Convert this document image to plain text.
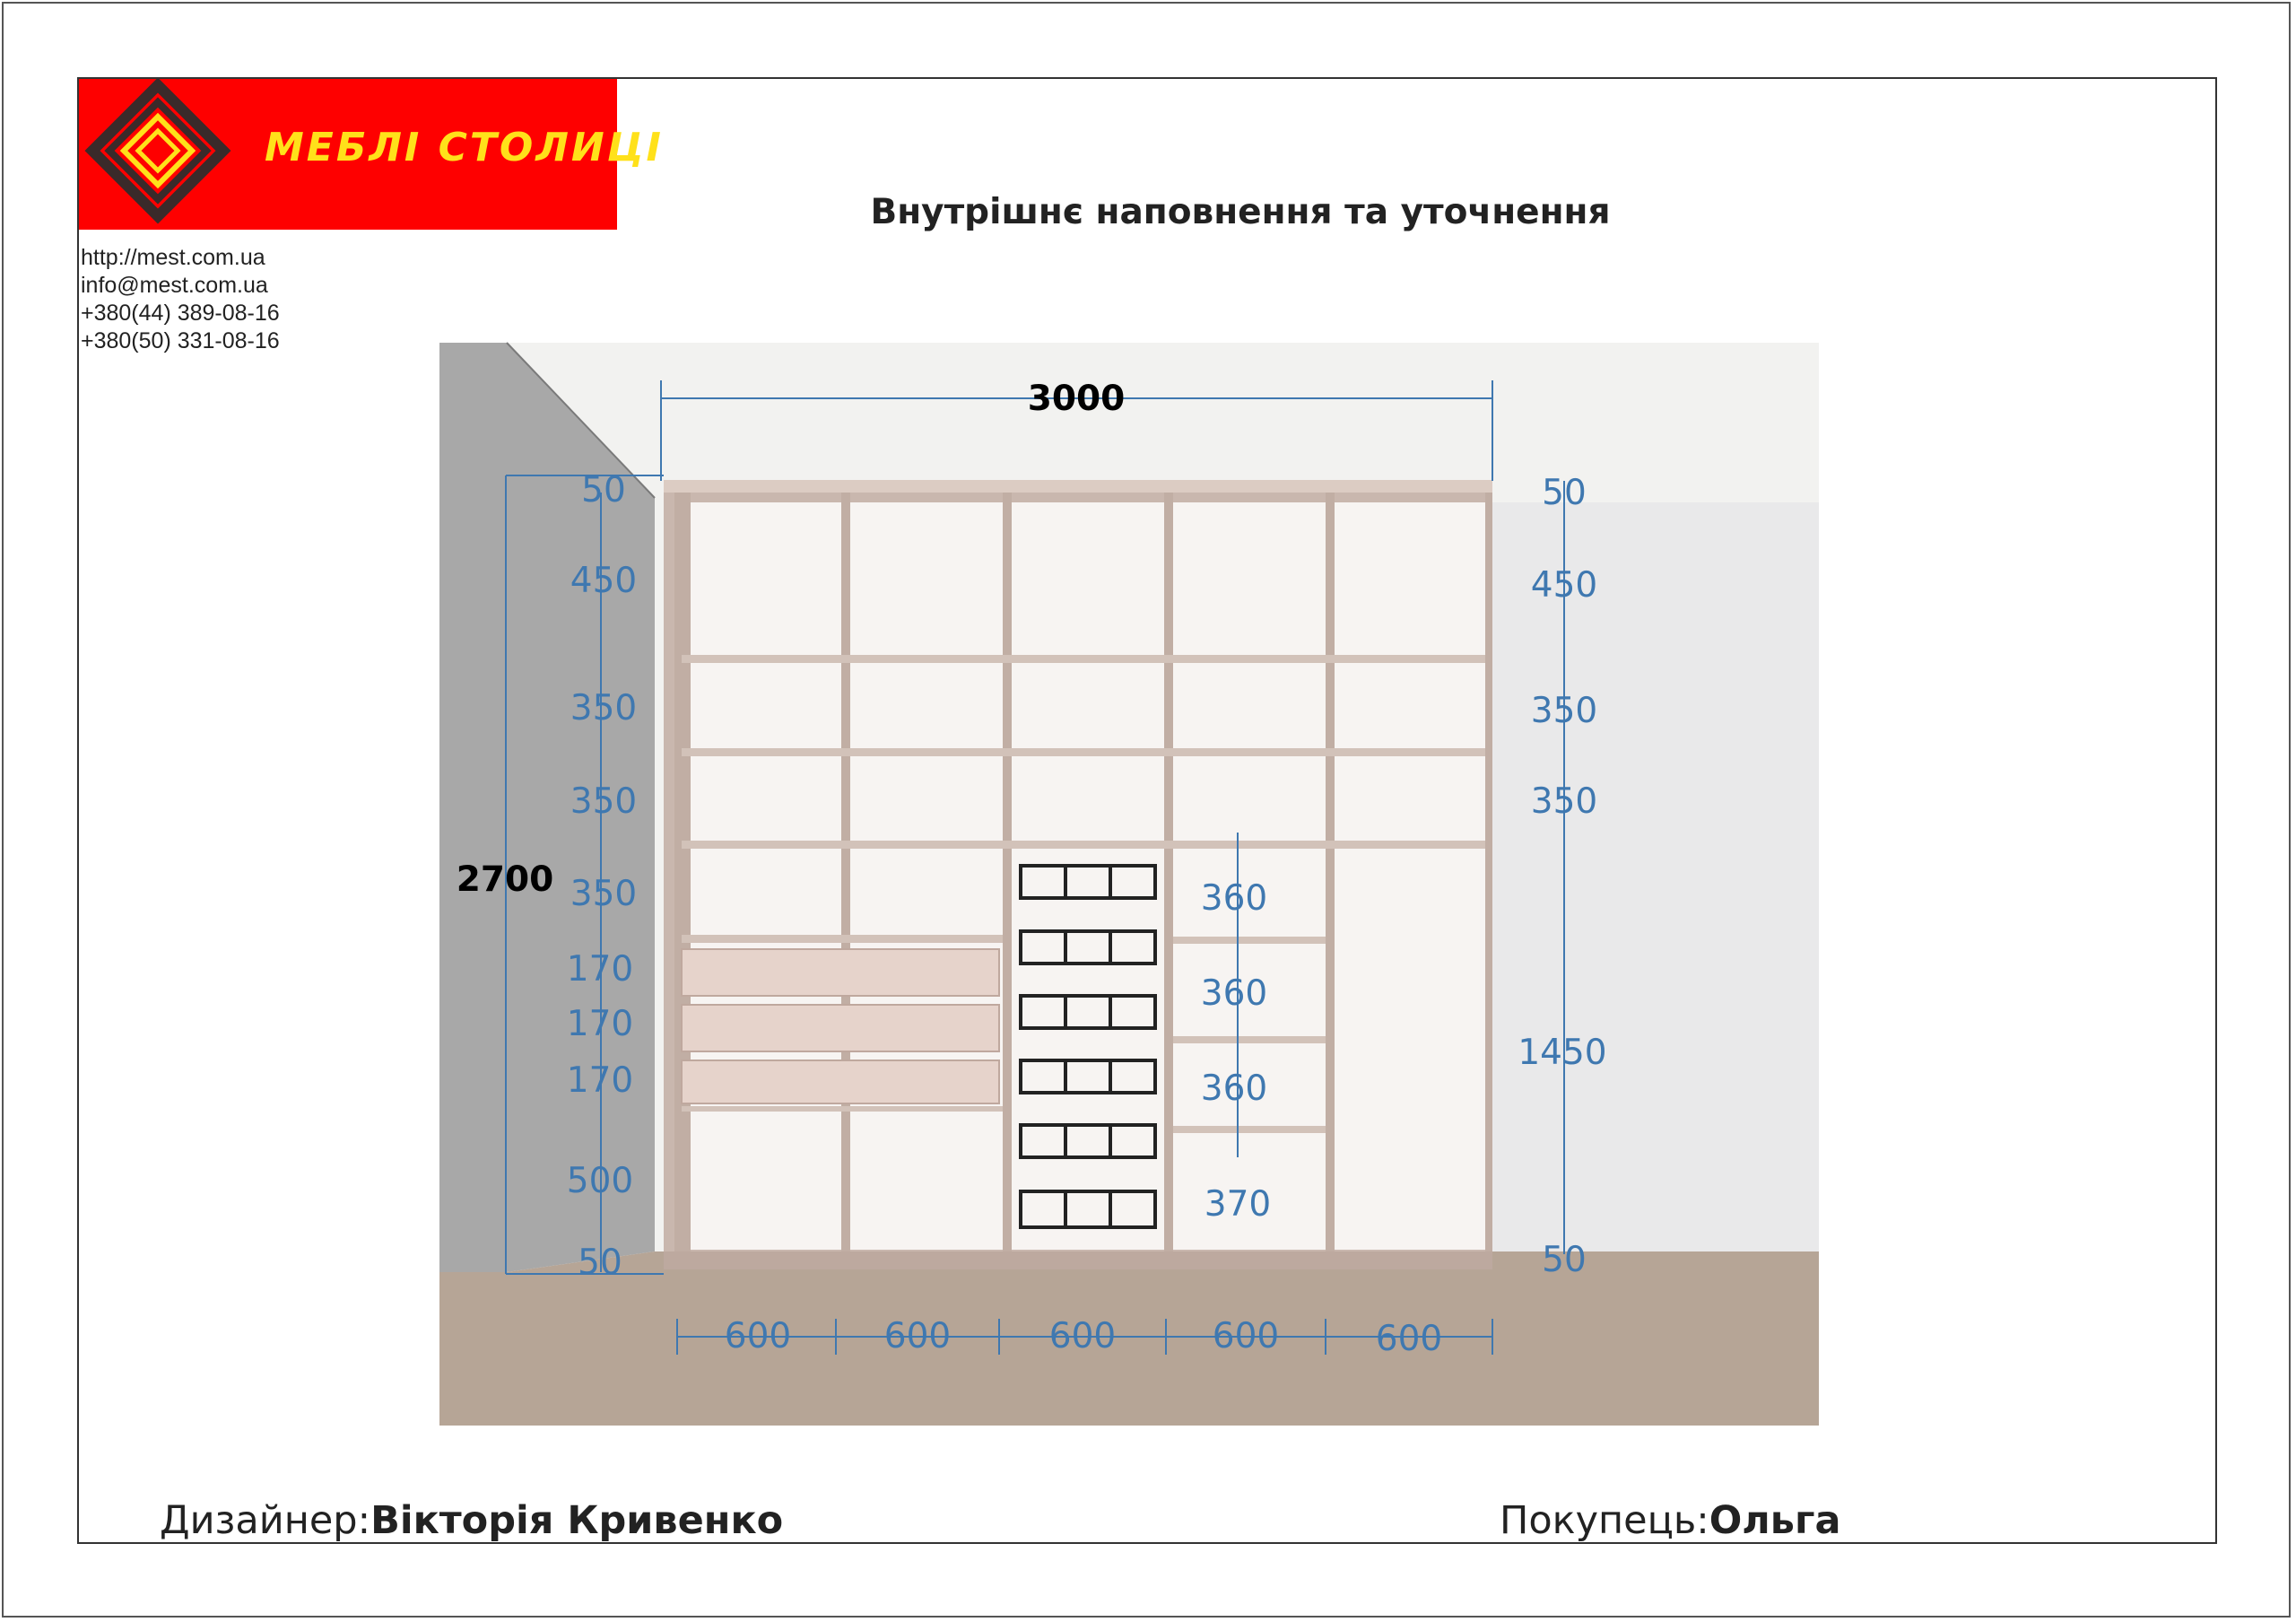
МЕБЛІ СТОЛИЦІ
http://mest.com.ua
info@mest.com.ua
+380(44) 389-08-16
+380(50) 331-08-16
Внутрішнє наповнення та уточнення
3000
2700
50
450
350
350
350
170
170
170
500
50
50
450
350
350
1450
50
360
360
360
370
600	600	600	600	600
Дизайнер:Вікторія Кривенко	Покупець:Ольга
